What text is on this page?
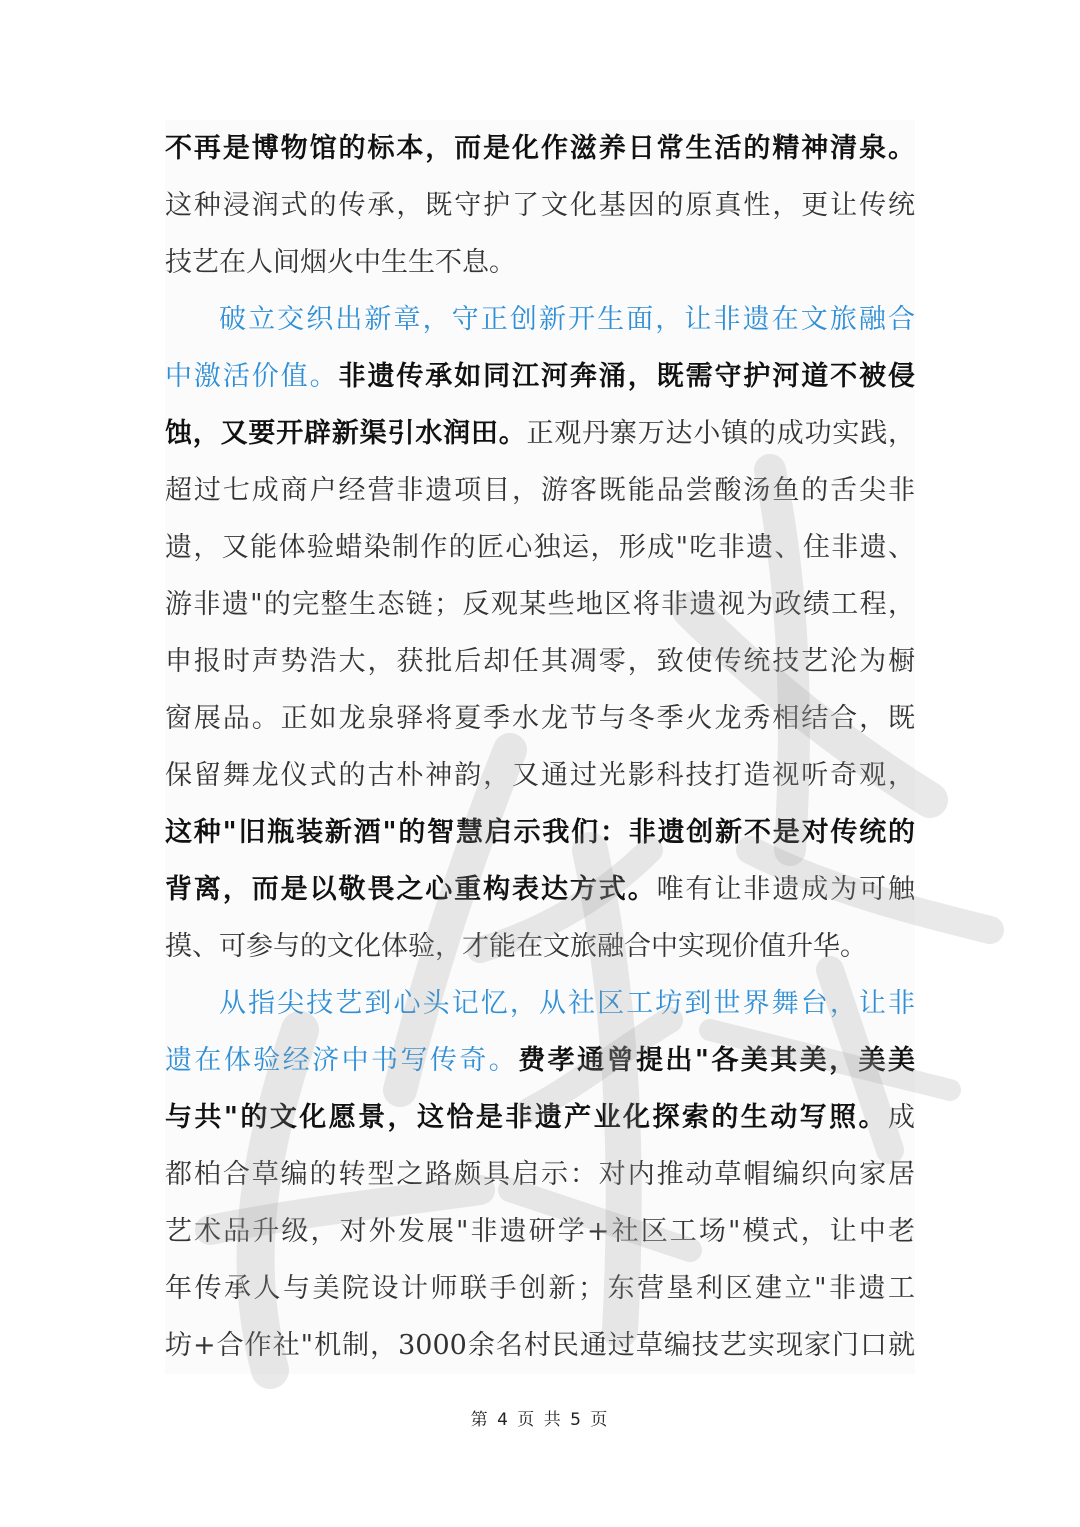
不再是博物馆的标本，而是化作滋养日常生活的精神清泉。
这种浸润式的传承，既守护了文化基因的原真性，更让传统
技艺在人间烟火中生生不息。
破立交织出新章，守正创新开生面，让非遗在文旅融合
中激活价值。非遗传承如同江河奔涌，既需守护河道不被侵
蚀，又要开辟新渠引水润田。正观丹寨万达小镇的成功实践，
超过七成商户经营非遗项目，游客既能品尝酸汤鱼的舌尖非
遗，又能体验蜡染制作的匠心独运，形成"吃非遗、住非遗、
游非遗"的完整生态链；反观某些地区将非遗视为政绩工程，
申报时声势浩大，获批后却任其凋零，致使传统技艺沦为橱
窗展品。正如龙泉驿将夏季水龙节与冬季火龙秀相结合，既
保留舞龙仪式的古朴神韵，又通过光影科技打造视听奇观，
这种"旧瓶装新酒"的智慧启示我们：非遗创新不是对传统的
背离，而是以敬畏之心重构表达方式。唯有让非遗成为可触
摸、可参与的文化体验，才能在文旅融合中实现价值升华。
从指尖技艺到心头记忆，从社区工坊到世界舞台，让非
遗在体验经济中书写传奇。费孝通曾提出"各美其美，美美
与共"的文化愿景，这恰是非遗产业化探索的生动写照。成
都柏合草编的转型之路颇具启示：对内推动草帽编织向家居
艺术品升级，对外发展"非遗研学+社区工场"模式，让中老
年传承人与美院设计师联手创新；东营垦利区建立"非遗工
坊+合作社"机制，3000余名村民通过草编技艺实现家门口就
第 4 页 共 5 页
